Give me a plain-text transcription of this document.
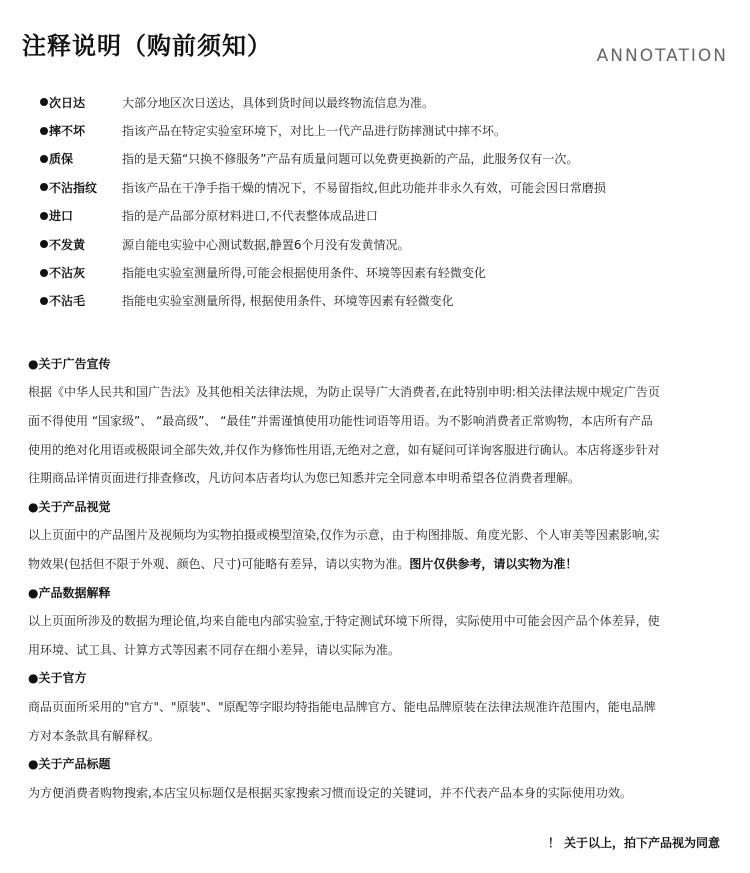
注释说明（购前须知）	ANNOTATION
次日达	大部分地区次日送达，具体到货时间以最终物流信息为准。
摔不坏	指该产品在特定实验室环境下，对比上一代产品进行防摔测试中摔不坏。
质保	指的是天猫“只换不修服务”产品有质量问题可以免费更换新的产品，此服务仅有一次。
不沾指纹 指该产品在干净手指干燥的情况下，不易留指纹,但此功能并非永久有效，可能会因日常磨损
进口	指的是产品部分原材料进口,不代表整体成品进口
不发黄	源自能电实验中心测试数据,静置6个月没有发黄情况。
不沾灰	指能电实验室测量所得,可能会根据使用条件、环境等因素有轻微变化
不沾毛	指能电实验室测量所得, 根据使用条件、环境等因素有轻微变化
●关于广告宣传
根据《中华人民共和国广告法》及其他相关法律法规，为防止误导广大消费者,在此特别申明:相关法律法规中规定广告页
面不得使用 “国家级”、 “最高级”、 “最佳”并需谨慎使用功能性词语等用语。为不影响消费者正常购物，本店所有产品
使用的绝对化用语或极限词全部失效,并仅作为修饰性用语,无绝对之意，如有疑问可详询客服进行确认。本店将逐步针对
往期商品详情页面进行排查修改，凡访问本店者均认为您已知悉并完全同意本申明希望各位消费者理解。
●关于产品视觉
以上页面中的产品图片及视频均为实物拍摄或模型渲染,仅作为示意，由于构图排版、角度光影、个人审美等因素影响,实
物效果(包括但不限于外观、颜色、尺寸)可能略有差异，请以实物为准。 图片仅供参考，请以实物为准！
●产品数据解释
以上页面所涉及的数据为理论值,均来自能电内部实验室,于特定测试环境下所得，实际使用中可能会因产品个体差异，使
用环境、试工具、计算方式等因素不同存在细小差异，请以实际为准。
●关于官方
商品页面所采用的"官方"、"原装"、"原配等字眼均特指能电品牌官方、能电品牌原装在法律法规准许范围内，能电品牌
方对本条款具有解释权。
●关于产品标题
为方便消费者购物搜索,本店宝贝标题仅是根据买家搜索习惯而设定的关键词，并不代表产品本身的实际使用功效。
！ 关于以上，拍下产品视为同意
